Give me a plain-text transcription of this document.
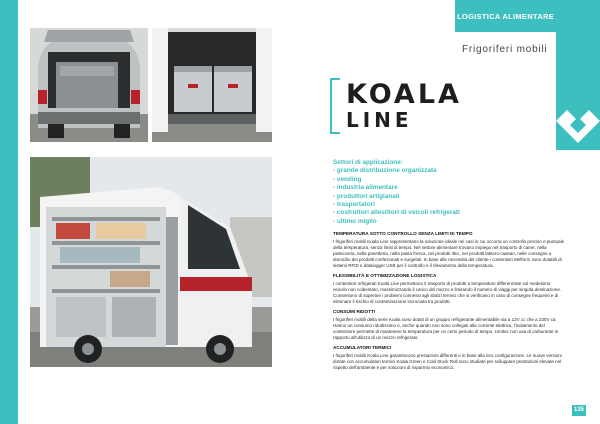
LOGISTICA ALIMENTARE
Frigoriferi mobili
KOALA
LINE
Settori di applicazione:
- grande distribuzione organizzata
- vending
- industria alimentare
- produttori artigianali
- trasportatori
- costruttori allestitori di veicoli refrigerati
- ultimo miglio
TEMPERATURA SOTTO CONTROLLO SENZA LIMITI DI TEMPO

I frigoriferi mobili Koala Line rappresentano la soluzione ideale nei casi in cui occorra un controllo preciso e puntuale della temperatura, senza limiti di tempo. Nel settore alimentare trovano impiego nel trasporto di carne, nella pasticceria, nella panetteria, nella pasta fresca, nei prodotti ittici, nei prodotti lattiero-caseari, nelle consegne a domicilio dei prodotti confezionati e surgelati. In base alle necessità del cliente i contenitori Melform sono dotabili di sistemi RFID e datalogger USB per il controllo e il rilevamento della temperatura.

FLESSIBILITÀ E OTTIMIZZAZIONE LOGISTICA

I contenitori refrigerati Koala Line permettono il trasporto di prodotti a temperature differenziate sul medesimo veicolo non coibentato, massimizzando il carico del mezzo e limitando il numero di viaggi per singola destinazione. Consentono di superare i problemi connessi agli sbalzi termici che si verificano in caso di consegne frequenti e di eliminare il rischio di contaminazione incrociata tra prodotti.

CONSUMI RIDOTTI

I frigoriferi mobili della serie Koala sono dotati di un gruppo refrigerante alimentabile sia a 12V cc che a 230V ca. Hanno un consumo ridottissimo e, anche quando non sono collegati alla corrente elettrica, l'isolamento del contenitore permette di mantenere la temperatura per un certo periodo di tempo. Urnitec non usa di carburante in rapporto all'utilizzo di un mezzo refrigerato.

ACCUMULATORI TERMICI

I frigoriferi mobili Koala Line garantiscono prestazioni differenti e in base alla loro configurazione. Le nuove versioni dotate con accumulatori termici Koala Green e Cold Stock Roll sono studiate per sviluppare prestazioni elevate nel rispetto dell'ambiente e per soluzioni di risparmio economico.

135
